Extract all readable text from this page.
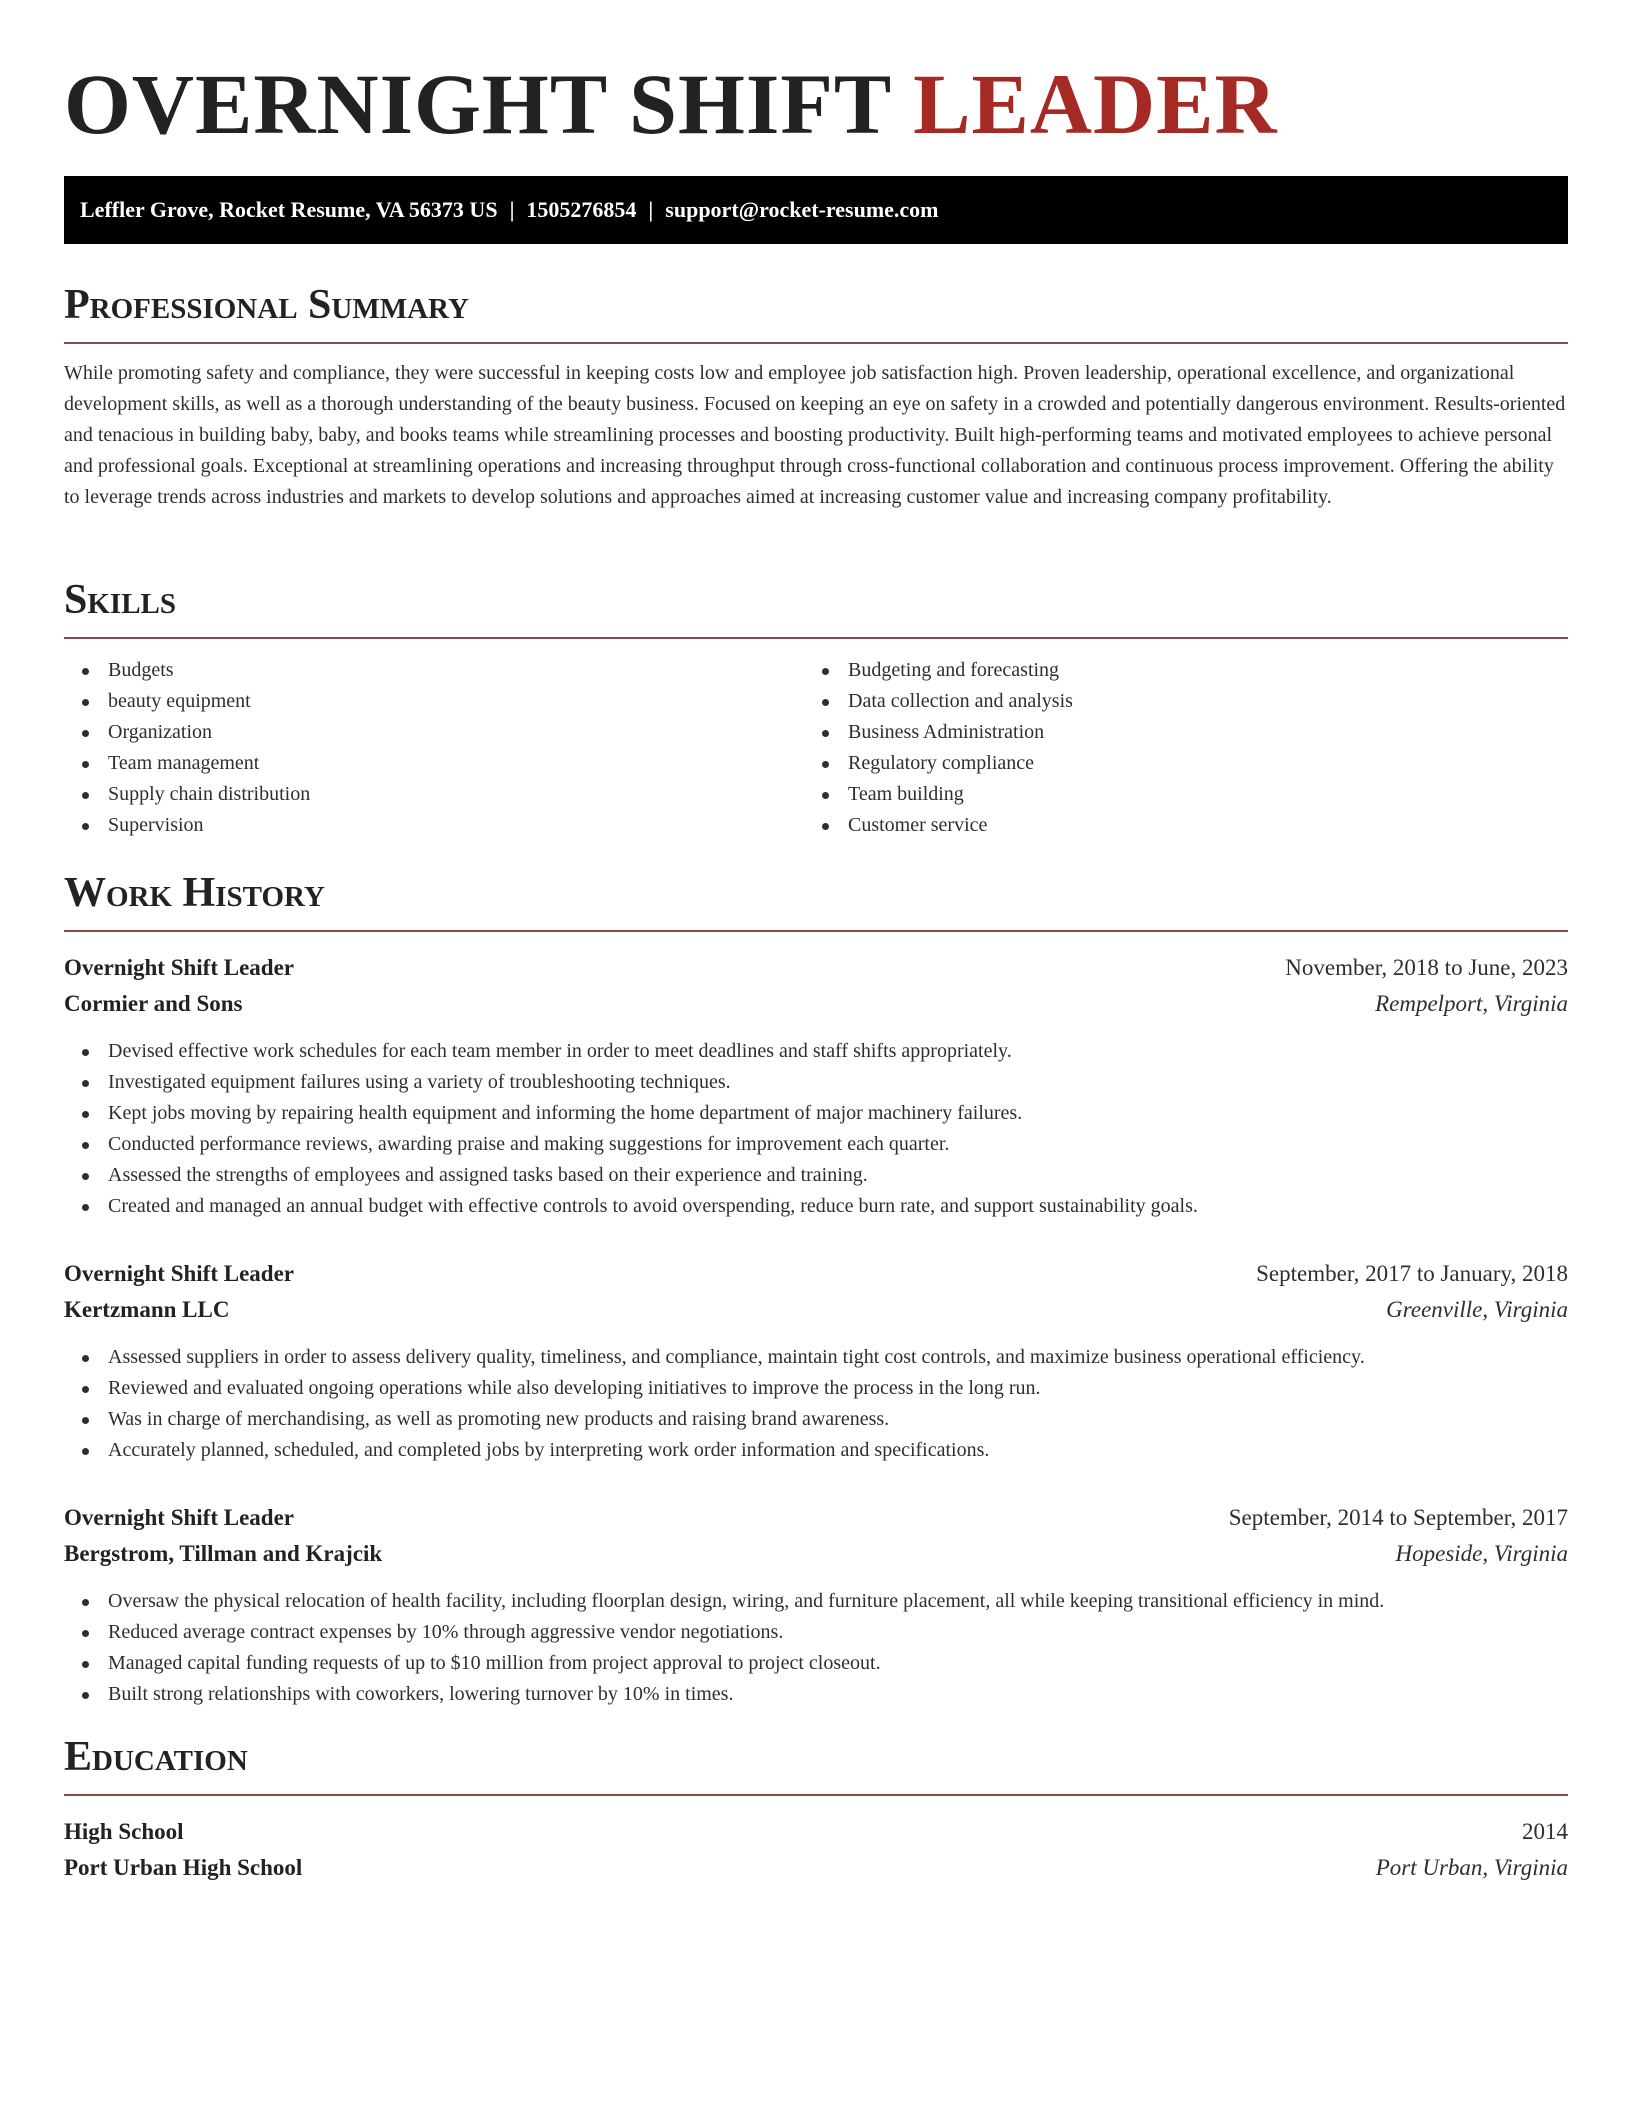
OVERNIGHT SHIFT LEADER
Leffler Grove, Rocket Resume, VA 56373 US | 1505276854 | support@rocket-resume.com
Professional Summary

While promoting safety and compliance, they were successful in keeping costs low and employee job satisfaction high. Proven leadership, operational excellence, and organizational development skills, as well as a thorough understanding of the beauty business. Focused on keeping an eye on safety in a crowded and potentially dangerous environment. Results-oriented and tenacious in building baby, baby, and books teams while streamlining processes and boosting productivity. Built high-performing teams and motivated employees to achieve personal and professional goals. Exceptional at streamlining operations and increasing throughput through cross-functional collaboration and continuous process improvement. Offering the ability to leverage trends across industries and markets to develop solutions and approaches aimed at increasing customer value and increasing company profitability.

Skills
Budgets
beauty equipment
Organization
Team management
Supply chain distribution
Supervision
Budgeting and forecasting
Data collection and analysis
Business Administration
Regulatory compliance
Team building
Customer service
Work History
Overnight Shift Leader	November, 2018 to June, 2023
Cormier and Sons	Rempelport, Virginia
Devised effective work schedules for each team member in order to meet deadlines and staff shifts appropriately.
Investigated equipment failures using a variety of troubleshooting techniques.
Kept jobs moving by repairing health equipment and informing the home department of major machinery failures.
Conducted performance reviews, awarding praise and making suggestions for improvement each quarter.
Assessed the strengths of employees and assigned tasks based on their experience and training.
Created and managed an annual budget with effective controls to avoid overspending, reduce burn rate, and support sustainability goals.
Overnight Shift Leader	September, 2017 to January, 2018
Kertzmann LLC	Greenville, Virginia
Assessed suppliers in order to assess delivery quality, timeliness, and compliance, maintain tight cost controls, and maximize business operational efficiency.
Reviewed and evaluated ongoing operations while also developing initiatives to improve the process in the long run.
Was in charge of merchandising, as well as promoting new products and raising brand awareness.
Accurately planned, scheduled, and completed jobs by interpreting work order information and specifications.
Overnight Shift Leader	September, 2014 to September, 2017
Bergstrom, Tillman and Krajcik	Hopeside, Virginia
Oversaw the physical relocation of health facility, including floorplan design, wiring, and furniture placement, all while keeping transitional efficiency in mind.
Reduced average contract expenses by 10% through aggressive vendor negotiations.
Managed capital funding requests of up to $10 million from project approval to project closeout.
Built strong relationships with coworkers, lowering turnover by 10% in times.
Education
High School	2014
Port Urban High School	Port Urban, Virginia
